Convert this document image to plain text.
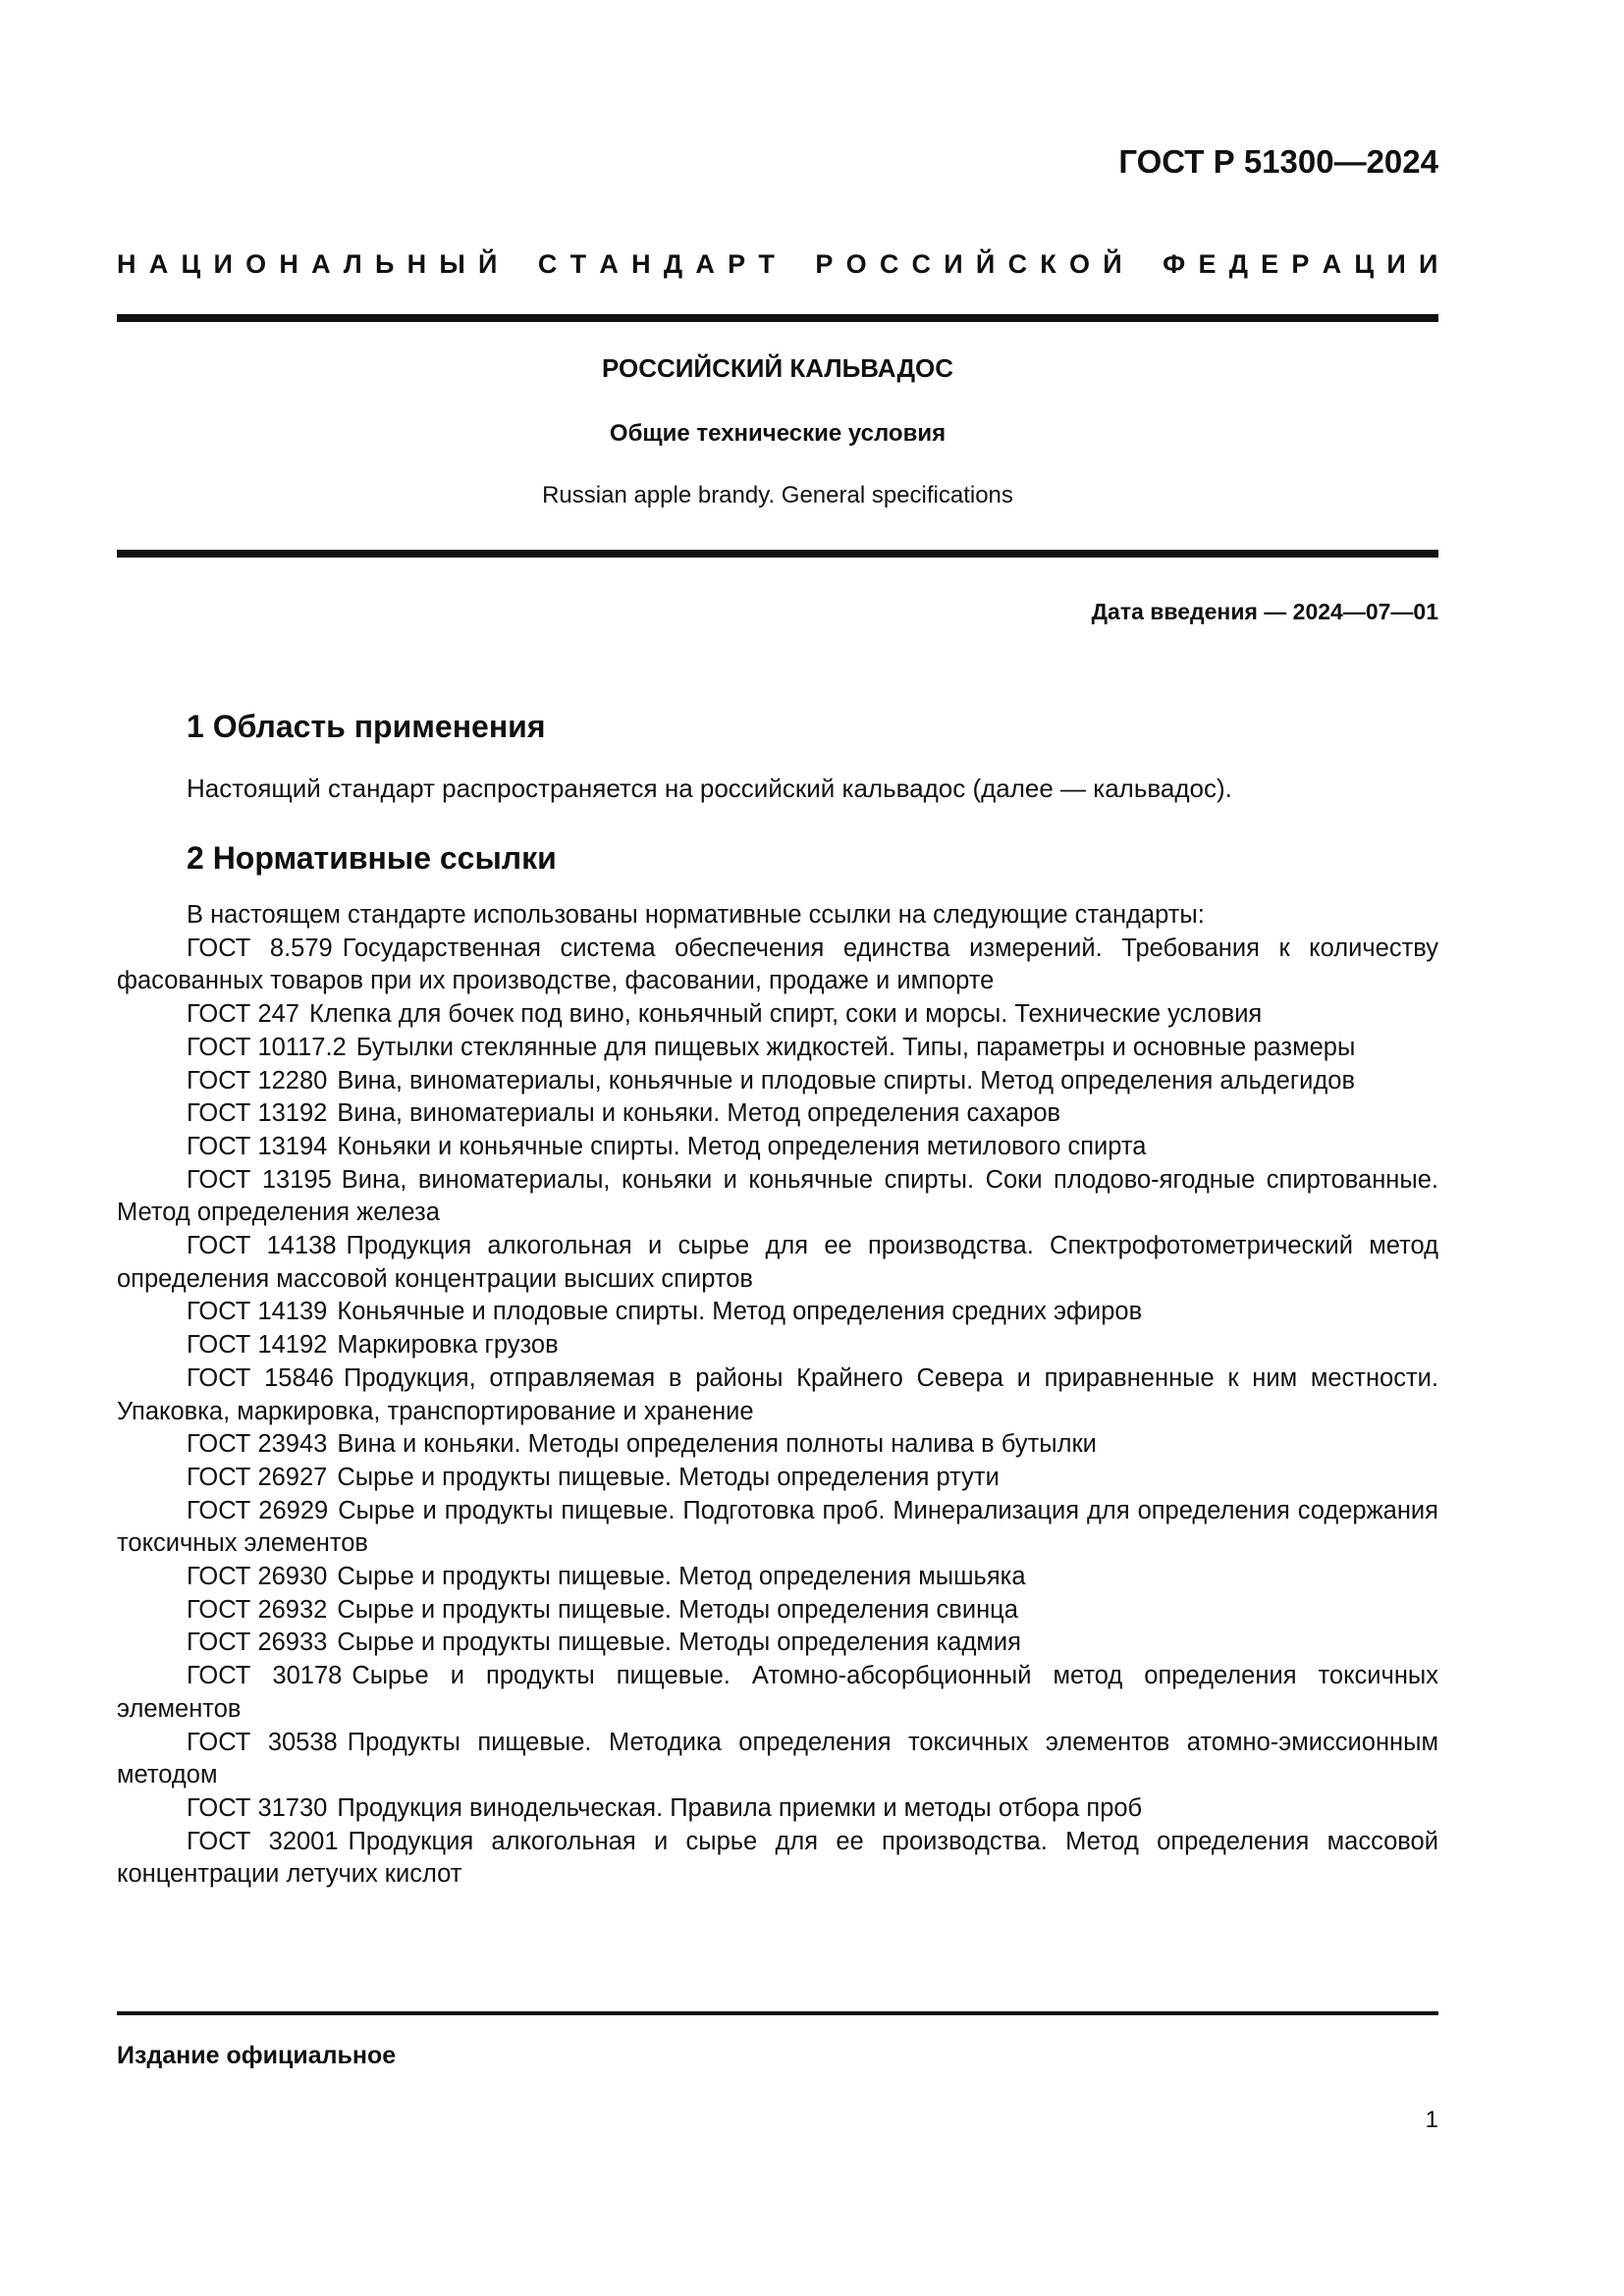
ГОСТ Р 51300—2024
Н А Ц И О Н А Л Ь Н Ы Й
С Т А Н Д А Р Т
Р О С С И Й С К О Й
Ф Е Д Е Р А Ц И И
РОССИЙСКИЙ КАЛЬВАДОС
Общие технические условия
Russian apple brandy. General specifications
Дата введения — 2024—07—01
1 Область применения
Настоящий стандарт распространяется на российский кальвадос (далее — кальвадос).
2 Нормативные ссылки

В настоящем стандарте использованы нормативные ссылки на следующие стандарты:

ГОСТ 8.579 Государственная система обеспечения единства измерений. Требования к количеству фасованных товаров при их производстве, фасовании, продаже и импорте

ГОСТ 247 Клепка для бочек под вино, коньячный спирт, соки и морсы. Технические условия

ГОСТ 10117.2 Бутылки стеклянные для пищевых жидкостей. Типы, параметры и основные размеры

ГОСТ 12280 Вина, виноматериалы, коньячные и плодовые спирты. Метод определения альдегидов

ГОСТ 13192 Вина, виноматериалы и коньяки. Метод определения сахаров

ГОСТ 13194 Коньяки и коньячные спирты. Метод определения метилового спирта

ГОСТ 13195 Вина, виноматериалы, коньяки и коньячные спирты. Соки плодово-ягодные спиртованные. Метод определения железа

ГОСТ 14138 Продукция алкогольная и сырье для ее производства. Спектрофотометрический метод определения массовой концентрации высших спиртов

ГОСТ 14139 Коньячные и плодовые спирты. Метод определения средних эфиров

ГОСТ 14192 Маркировка грузов

ГОСТ 15846 Продукция, отправляемая в районы Крайнего Севера и приравненные к ним местности. Упаковка, маркировка, транспортирование и хранение

ГОСТ 23943 Вина и коньяки. Методы определения полноты налива в бутылки

ГОСТ 26927 Сырье и продукты пищевые. Методы определения ртути

ГОСТ 26929 Сырье и продукты пищевые. Подготовка проб. Минерализация для определения содержания токсичных элементов

ГОСТ 26930 Сырье и продукты пищевые. Метод определения мышьяка

ГОСТ 26932 Сырье и продукты пищевые. Методы определения свинца

ГОСТ 26933 Сырье и продукты пищевые. Методы определения кадмия

ГОСТ 30178 Сырье и продукты пищевые. Атомно-абсорбционный метод определения токсичных элементов

ГОСТ 30538 Продукты пищевые. Методика определения токсичных элементов атомно-эмиссионным методом

ГОСТ 31730 Продукция винодельческая. Правила приемки и методы отбора проб

ГОСТ 32001 Продукция алкогольная и сырье для ее производства. Метод определения массовой концентрации летучих кислот

Издание официальное
1
